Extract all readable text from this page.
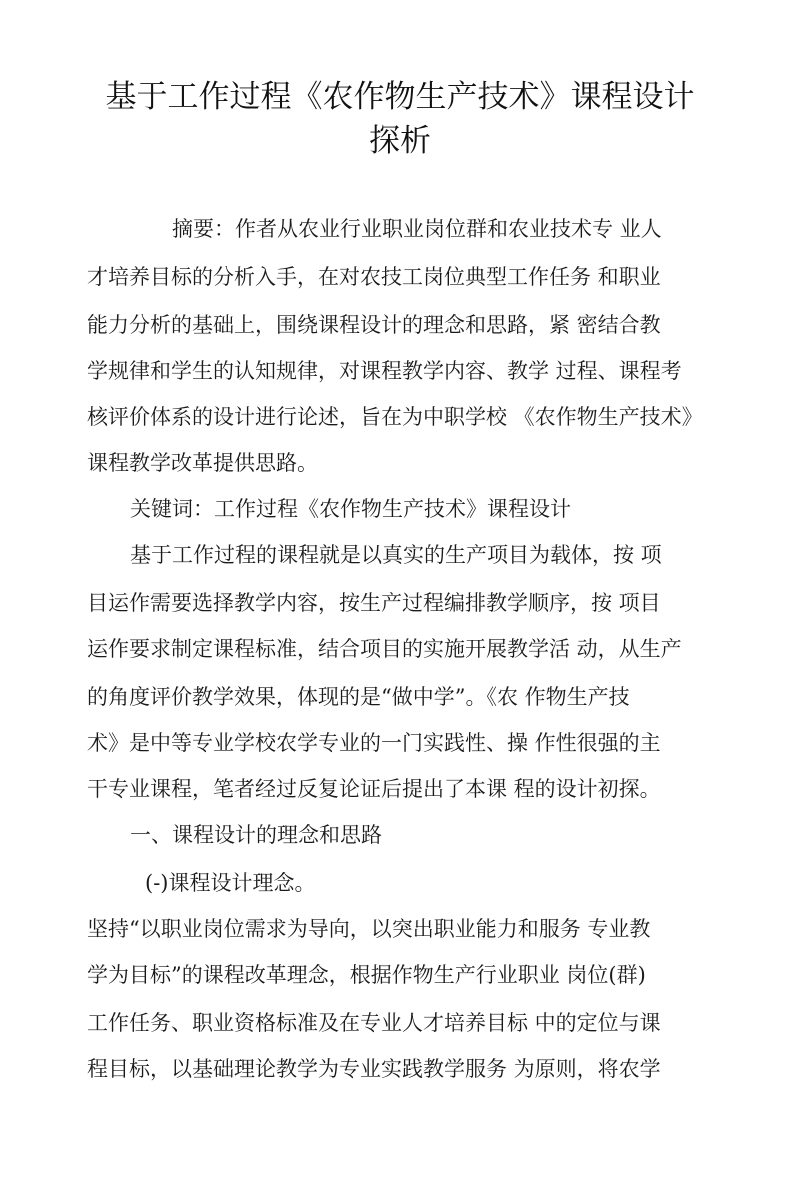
基于工作过程《农作物生产技术》课程设计
探析
摘要：作者从农业行业职业岗位群和农业技术专 业人
才培养目标的分析入手，在对农技工岗位典型工作任务 和职业
能力分析的基础上，围绕课程设计的理念和思路，紧 密结合教
学规律和学生的认知规律，对课程教学内容、教学 过程、课程考
核评价体系的设计进行论述，旨在为中职学校 《农作物生产技术》
课程教学改革提供思路。
关键词：工作过程《农作物生产技术》课程设计
基于工作过程的课程就是以真实的生产项目为载体，按 项
目运作需要选择教学内容，按生产过程编排教学顺序，按 项目
运作要求制定课程标准，结合项目的实施开展教学活 动，从生产
的角度评价教学效果，体现的是“做中学”。《农 作物生产技
术》是中等专业学校农学专业的一门实践性、操 作性很强的主
干专业课程，笔者经过反复论证后提出了本课 程的设计初探。
一、课程设计的理念和思路
(-)课程设计理念。
坚持“以职业岗位需求为导向，以突出职业能力和服务 专业教
学为目标”的课程改革理念，根据作物生产行业职业 岗位(群)
工作任务、职业资格标准及在专业人才培养目标 中的定位与课
程目标，以基础理论教学为专业实践教学服务 为原则，将农学
